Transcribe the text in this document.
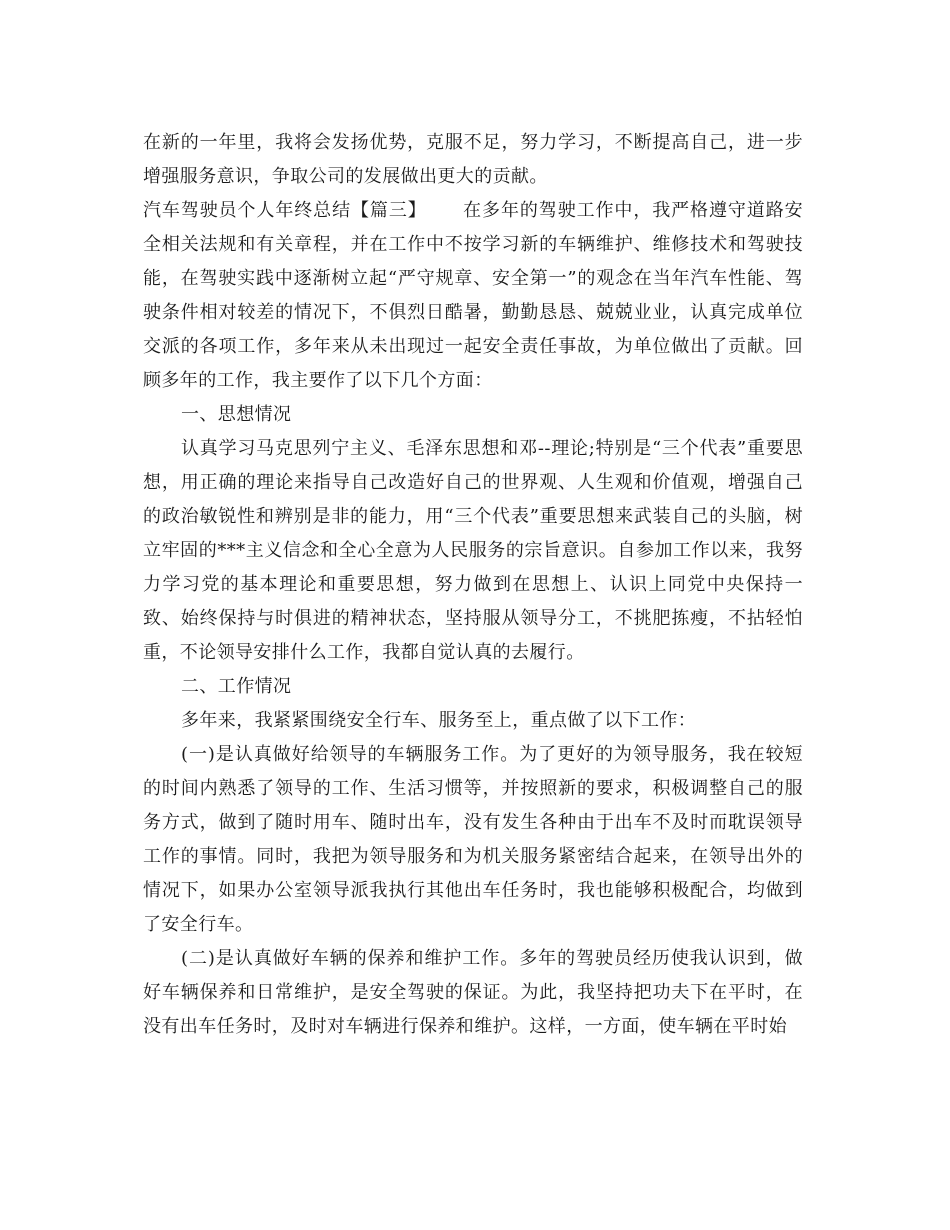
在新的一年里，我将会发扬优势，克服不足，努力学习，不断提高自己，进一步增强服务意识，争取公司的发展做出更大的贡献。

汽车驾驶员个人年终总结【篇三】 在多年的驾驶工作中，我严格遵守道路安全相关法规和有关章程，并在工作中不按学习新的车辆维护、维修技术和驾驶技能，在驾驶实践中逐渐树立起“严守规章、安全第一”的观念在当年汽车性能、驾驶条件相对较差的情况下，不俱烈日酷暑，勤勤恳恳、兢兢业业，认真完成单位交派的各项工作，多年来从未出现过一起安全责任事故，为单位做出了贡献。回顾多年的工作，我主要作了以下几个方面：

一、思想情况

认真学习马克思列宁主义、毛泽东思想和邓--理论;特别是“三个代表”重要思想，用正确的理论来指导自己改造好自己的世界观、人生观和价值观，增强自己的政治敏锐性和辨别是非的能力，用“三个代表”重要思想来武装自己的头脑，树立牢固的***主义信念和全心全意为人民服务的宗旨意识。自参加工作以来，我努力学习党的基本理论和重要思想，努力做到在思想上、认识上同党中央保持一致、始终保持与时俱进的精神状态，坚持服从领导分工，不挑肥拣瘦，不拈轻怕重，不论领导安排什么工作，我都自觉认真的去履行。

二、工作情况

多年来，我紧紧围绕安全行车、服务至上，重点做了以下工作：

(一)是认真做好给领导的车辆服务工作。为了更好的为领导服务，我在较短的时间内熟悉了领导的工作、生活习惯等，并按照新的要求，积极调整自己的服务方式，做到了随时用车、随时出车，没有发生各种由于出车不及时而耽误领导工作的事情。同时，我把为领导服务和为机关服务紧密结合起来，在领导出外的情况下，如果办公室领导派我执行其他出车任务时，我也能够积极配合，均做到了安全行车。

(二)是认真做好车辆的保养和维护工作。多年的驾驶员经历使我认识到，做好车辆保养和日常维护，是安全驾驶的保证。为此，我坚持把功夫下在平时，在没有出车任务时，及时对车辆进行保养和维护。这样，一方面，使车辆在平时始
